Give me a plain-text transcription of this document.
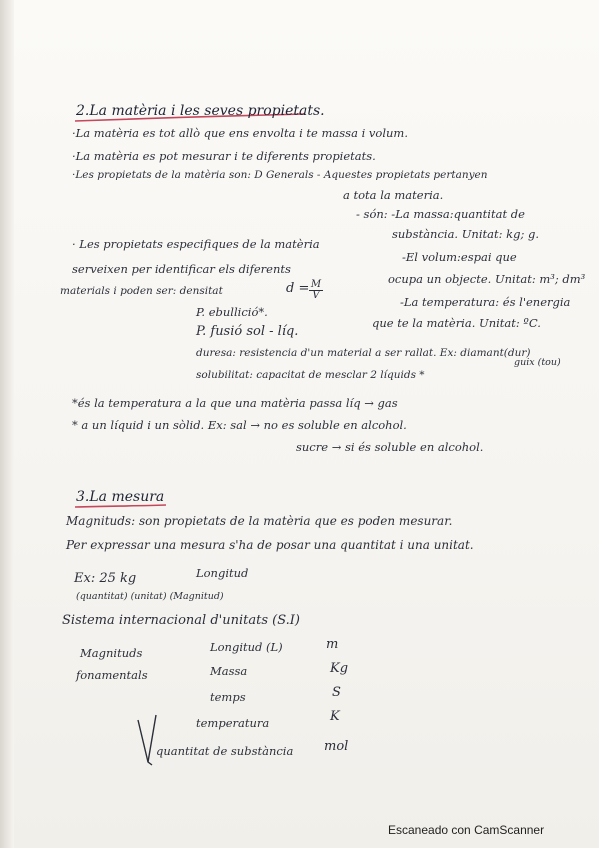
2.La matèria i les seves propietats.
·La matèria es tot allò que ens envolta i te massa i volum.
·La matèria es pot mesurar i te diferents propietats.
·Les propietats de la matèria son: D Generals - Aquestes propietats pertanyen
a tota la materia.
- són: -La massa:quantitat de
substància. Unitat: kg; g.
-El volum:espai que
ocupa un objecte. Unitat: m³; dm³
-La temperatura: és l'energia
que te la matèria. Unitat: ºC.
· Les propietats especifiques de la matèria
serveixen per identificar els diferents
materials i poden ser: densitat	$d = \frac{M}{V}$
P. ebullició*.
P. fusió sol - líq.
duresa: resistencia d'un material a ser rallat. Ex: diamant(dur)
guix (tou)
solubilitat: capacitat de mesclar 2 líquids *
*és la temperatura a la que una matèria passa líq → gas
* a un líquid i un sòlid. Ex: sal → no es soluble en alcohol.
sucre → si és soluble en alcohol.
3.La mesura
Magnituds: son propietats de la matèria que es poden mesurar.
Per expressar una mesura s'ha de posar una quantitat i una unitat.
Ex: 25 kg	Longitud
(quantitat) (unitat) (Magnitud)
Sistema internacional d'unitats (S.I)
Magnituds
fonamentals
Longitud (L)	m
Massa	Kg
temps	S
temperatura	K
quantitat de substància mol
Escaneado con CamScanner
